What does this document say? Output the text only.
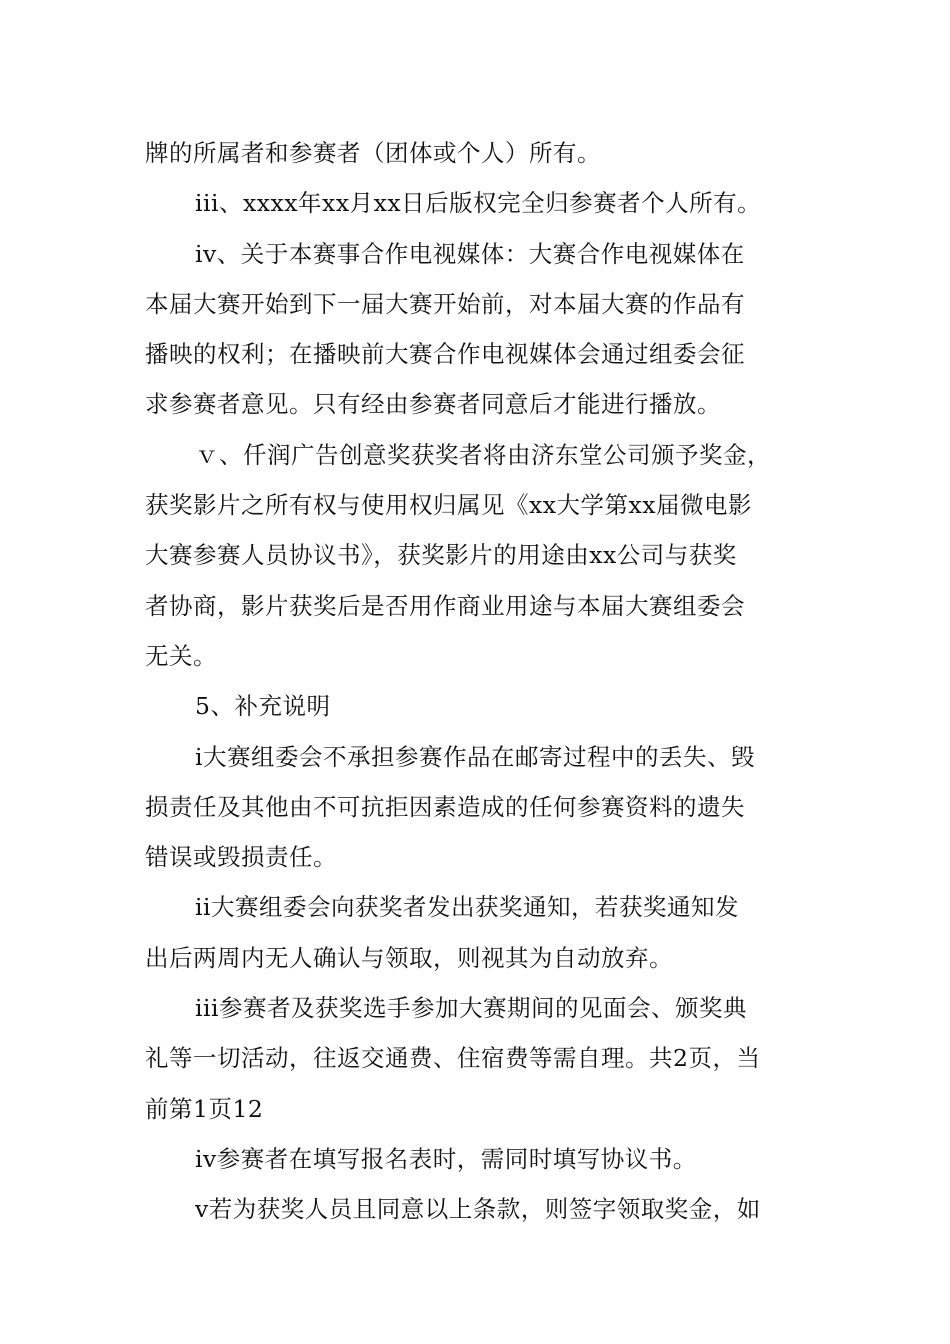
牌的所属者和参赛者（团体或个人）所有。
iii、xxxx年xx月xx日后版权完全归参赛者个人所有。
iv、关于本赛事合作电视媒体：大赛合作电视媒体在
本届大赛开始到下一届大赛开始前，对本届大赛的作品有
播映的权利；在播映前大赛合作电视媒体会通过组委会征
求参赛者意见。只有经由参赛者同意后才能进行播放。
ｖ、仟润广告创意奖获奖者将由济东堂公司颁予奖金，
获奖影片之所有权与使用权归属见《xx大学第xx届微电影
大赛参赛人员协议书》，获奖影片的用途由xx公司与获奖
者协商，影片获奖后是否用作商业用途与本届大赛组委会
无关。
5、补充说明
i大赛组委会不承担参赛作品在邮寄过程中的丢失、毁
损责任及其他由不可抗拒因素造成的任何参赛资料的遗失
错误或毁损责任。
ii大赛组委会向获奖者发出获奖通知，若获奖通知发
出后两周内无人确认与领取，则视其为自动放弃。
iii参赛者及获奖选手参加大赛期间的见面会、颁奖典
礼等一切活动，往返交通费、住宿费等需自理。共2页，当
前第1页12
iv参赛者在填写报名表时，需同时填写协议书。
v若为获奖人员且同意以上条款，则签字领取奖金，如
